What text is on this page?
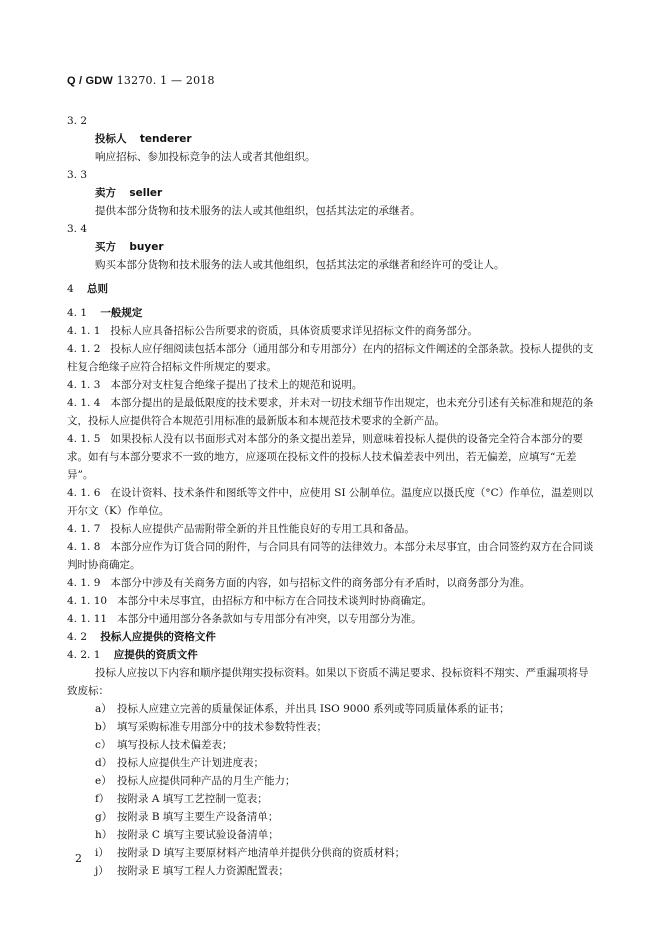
Q / GDW 13270. 1 — 2018
3. 2
投标人 tenderer
响应招标、参加投标竞争的法人或者其他组织。
3. 3
卖方 seller
提供本部分货物和技术服务的法人或其他组织，包括其法定的承继者。
3. 4
买方 buyer
购买本部分货物和技术服务的法人或其他组织，包括其法定的承继者和经许可的受让人。
4 总则
4. 1 一般规定
4. 1. 1 投标人应具备招标公告所要求的资质，具体资质要求详见招标文件的商务部分。
4. 1. 2 投标人应仔细阅读包括本部分（通用部分和专用部分）在内的招标文件阐述的全部条款。投标人提供的支柱复合绝缘子应符合招标文件所规定的要求。
4. 1. 3 本部分对支柱复合绝缘子提出了技术上的规范和说明。
4. 1. 4 本部分提出的是最低限度的技术要求，并未对一切技术细节作出规定，也未充分引述有关标准和规范的条文，投标人应提供符合本规范引用标准的最新版本和本规范技术要求的全新产品。
4. 1. 5 如果投标人没有以书面形式对本部分的条文提出差异，则意味着投标人提供的设备完全符合本部分的要求。如有与本部分要求不一致的地方，应逐项在投标文件的投标人技术偏差表中列出，若无偏差，应填写“无差异”。
4. 1. 6 在设计资料、技术条件和图纸等文件中，应使用 SI 公制单位。温度应以摄氏度（°C）作单位，温差则以开尔文（K）作单位。
4. 1. 7 投标人应提供产品需附带全新的并且性能良好的专用工具和备品。
4. 1. 8 本部分应作为订货合同的附件，与合同具有同等的法律效力。本部分未尽事宜，由合同签约双方在合同谈判时协商确定。
4. 1. 9 本部分中涉及有关商务方面的内容，如与招标文件的商务部分有矛盾时，以商务部分为准。
4. 1. 10 本部分中未尽事宜，由招标方和中标方在合同技术谈判时协商确定。
4. 1. 11 本部分中通用部分各条款如与专用部分有冲突，以专用部分为准。
4. 2 投标人应提供的资格文件
4. 2. 1 应提供的资质文件
投标人应按以下内容和顺序提供翔实投标资料。如果以下资质不满足要求、投标资料不翔实、严重漏项将导致废标：
a） 投标人应建立完善的质量保证体系，并出具 ISO 9000 系列或等同质量体系的证书；
b） 填写采购标准专用部分中的技术参数特性表；
c） 填写投标人技术偏差表；
d） 投标人应提供生产计划进度表；
e） 投标人应提供同种产品的月生产能力；
f） 按附录 A 填写工艺控制一览表；
g） 按附录 B 填写主要生产设备清单；
h） 按附录 C 填写主要试验设备清单；
i） 按附录 D 填写主要原材料产地清单并提供分供商的资质材料；
j） 按附录 E 填写工程人力资源配置表；
2
